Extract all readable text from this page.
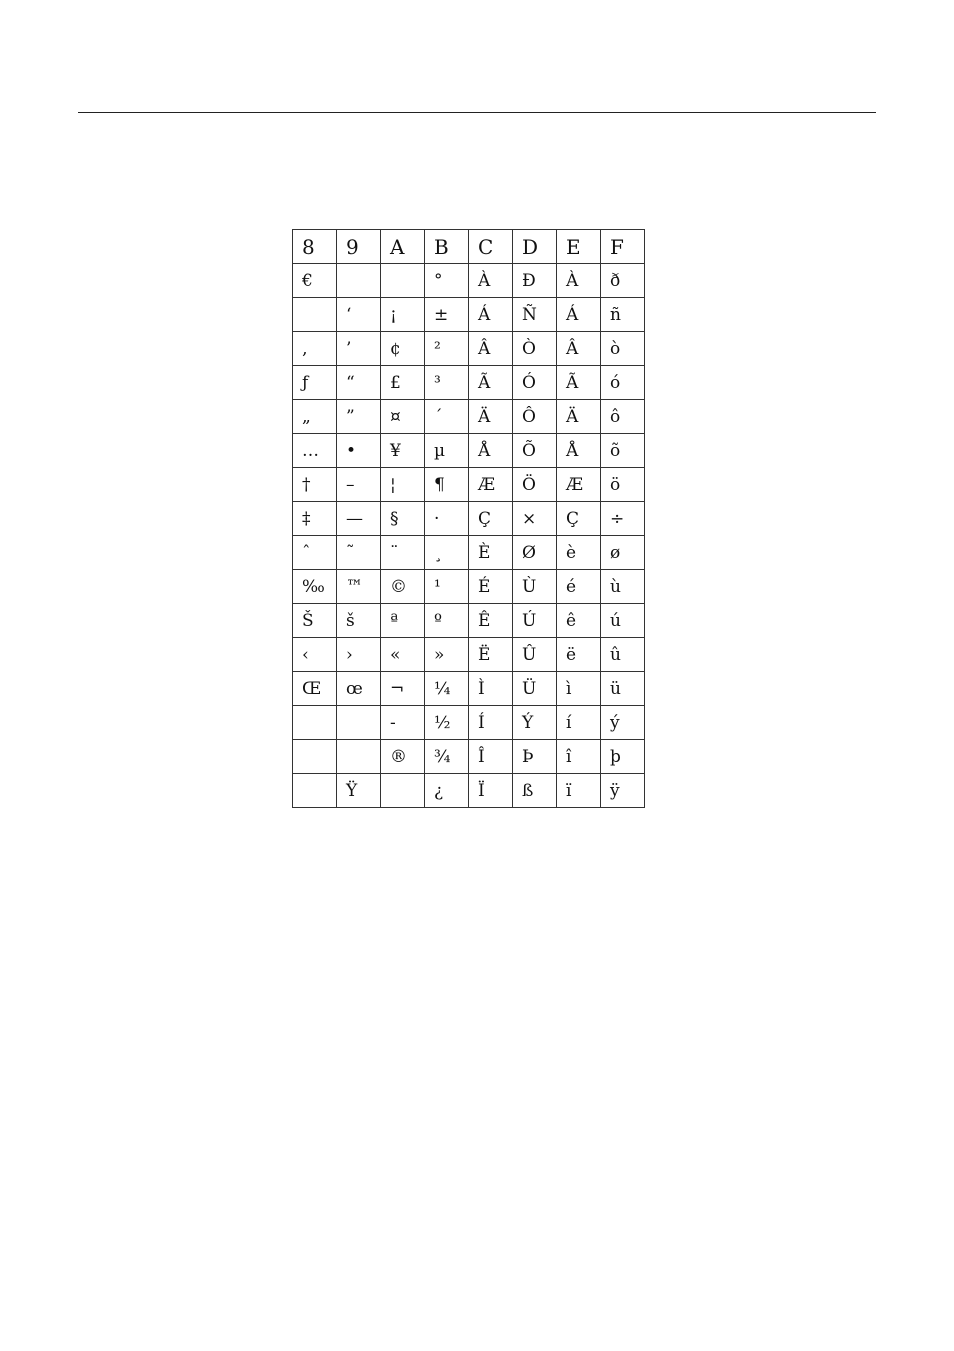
8	9	A	B	C	D	E	F
€			°	À	Đ	À	ð
	‘	¡	±	Á	Ñ	Á	ñ
‚	’	¢	²	Â	Ò	Â	ò
ƒ	“	£	³	Ã	Ó	Ã	ó
„	”	¤	´	Ä	Ô	Ä	ô
…	•	¥	µ	Å	Õ	Å	õ
†	–	¦	¶	Æ	Ö	Æ	ö
‡	—	§	·	Ç	×	Ç	÷
ˆ	˜	¨	¸	È	Ø	è	ø
‰	™	©	¹	É	Ù	é	ù
Š	š	ª	º	Ê	Ú	ê	ú
‹	›	«	»	Ë	Û	ë	û
Œ	œ	¬	¼	Ì	Ü	ì	ü
		-	½	Í	Ý	í	ý
		®	¾	Î	Þ	î	þ
	Ÿ		¿	Ï	ß	ï	ÿ
